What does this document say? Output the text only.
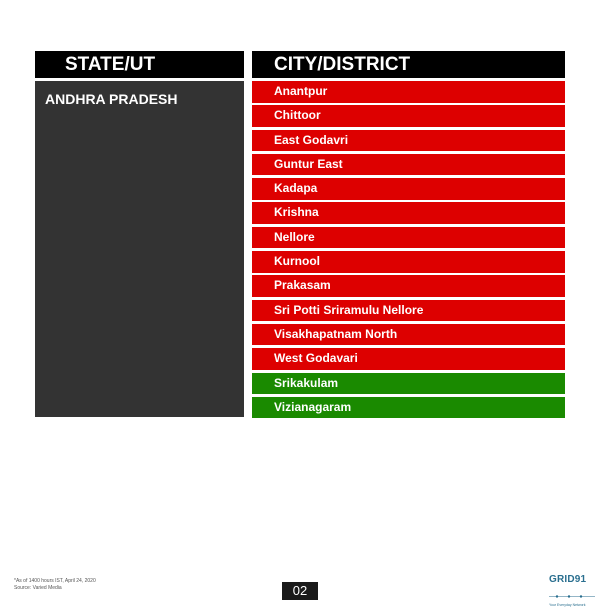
STATE/UT	CITY/DISTRICT
ANDHRA PRADESH	Anantpur
Chittoor
East Godavri
Guntur East
Kadapa
Krishna
Nellore
Kurnool
Prakasam
Sri Potti Sriramulu Nellore
Visakhapatnam North
West Godavari
Srikakulam
Vizianagaram
*As of 1400 hours IST, April 24, 2020
Source: Varied Media	02
GRID91
Your Everyday Network
